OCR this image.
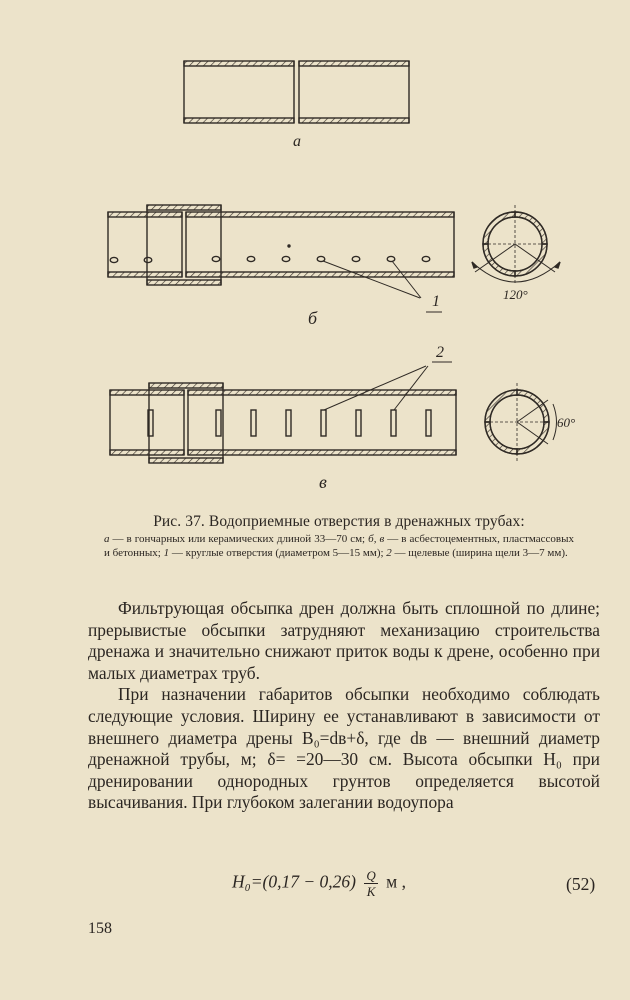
а
б
в
1
2
120°
60°
Рис. 37. Водоприемные отверстия в дренажных трубах:
а — в гончарных или керамических длиной 33—70 см; б, в — в асбестоцементных, пластмассовых и бетонных; 1 — круглые отверстия (диаметром 5—15 мм); 2 — щелевые (ширина щели 3—7 мм).

Фильтрующая обсыпка дрен должна быть сплошной по длине; прерывистые обсыпки затрудняют механизацию строительства дренажа и значительно снижают приток воды к дрене, особенно при малых диаметрах труб.

При назначении габаритов обсыпки необходимо соблюдать следующие условия. Ширину ее устанавливают в зависимости от внешнего диаметра дрены B₀=dв+δ, где dв — внешний диаметр дренажной трубы, м; δ= =20—30 см. Высота обсыпки H₀ при дренировании однородных грунтов определяется высотой высачивания. При глубоком залегании водоупора

$H_0=(0,17 - 0,26) \frac{Q}{K}$ м ,	(52)
158
